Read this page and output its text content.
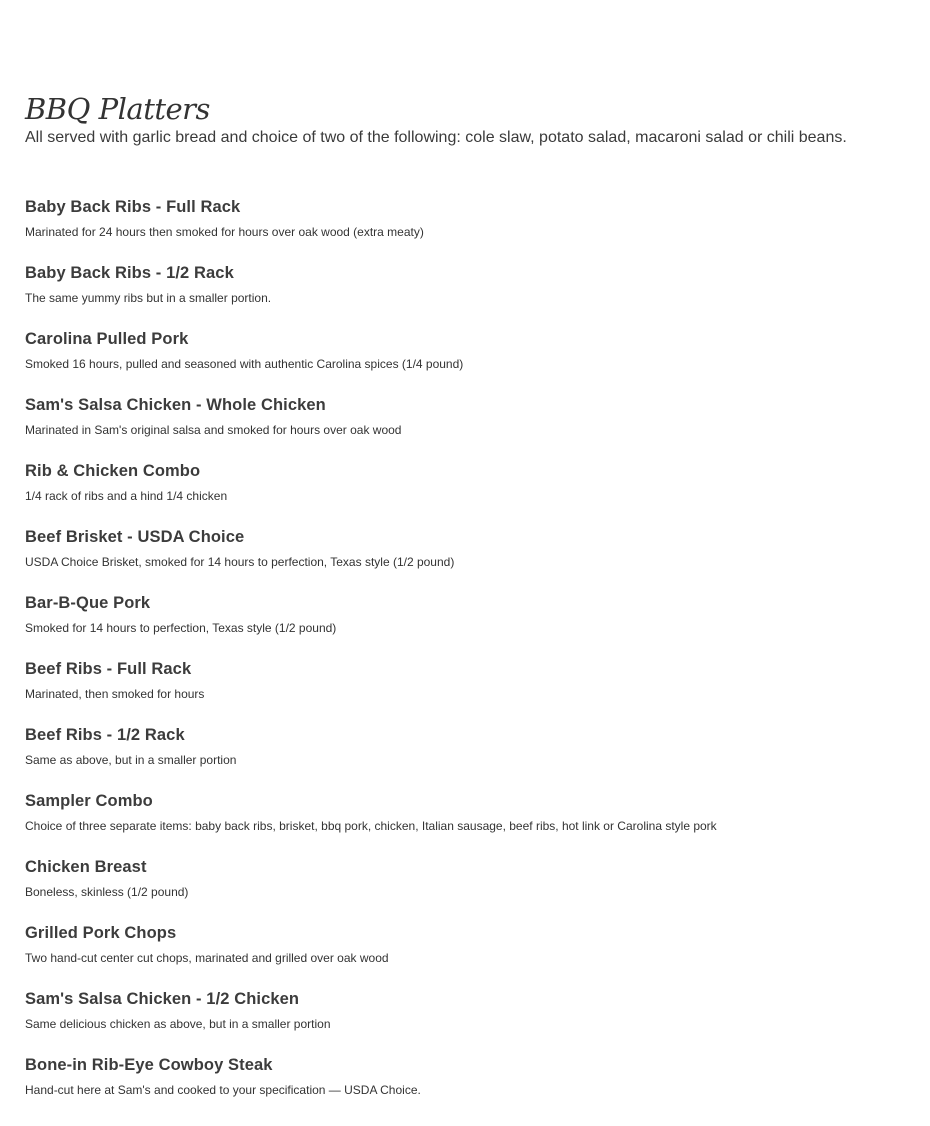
BBQ Platters

All served with garlic bread and choice of two of the following: cole slaw, potato salad, macaroni salad or chili beans.

Baby Back Ribs - Full Rack
Marinated for 24 hours then smoked for hours over oak wood (extra meaty)
Baby Back Ribs - 1/2 Rack
The same yummy ribs but in a smaller portion.
Carolina Pulled Pork
Smoked 16 hours, pulled and seasoned with authentic Carolina spices (1/4 pound)
Sam's Salsa Chicken - Whole Chicken
Marinated in Sam's original salsa and smoked for hours over oak wood
Rib & Chicken Combo
1/4 rack of ribs and a hind 1/4 chicken
Beef Brisket - USDA Choice
USDA Choice Brisket, smoked for 14 hours to perfection, Texas style (1/2 pound)
Bar-B-Que Pork
Smoked for 14 hours to perfection, Texas style (1/2 pound)
Beef Ribs - Full Rack
Marinated, then smoked for hours
Beef Ribs - 1/2 Rack
Same as above, but in a smaller portion
Sampler Combo
Choice of three separate items: baby back ribs, brisket, bbq pork, chicken, Italian sausage, beef ribs, hot link or Carolina style pork
Chicken Breast
Boneless, skinless (1/2 pound)
Grilled Pork Chops
Two hand-cut center cut chops, marinated and grilled over oak wood
Sam's Salsa Chicken - 1/2 Chicken
Same delicious chicken as above, but in a smaller portion
Bone-in Rib-Eye Cowboy Steak
Hand-cut here at Sam's and cooked to your specification — USDA Choice.
